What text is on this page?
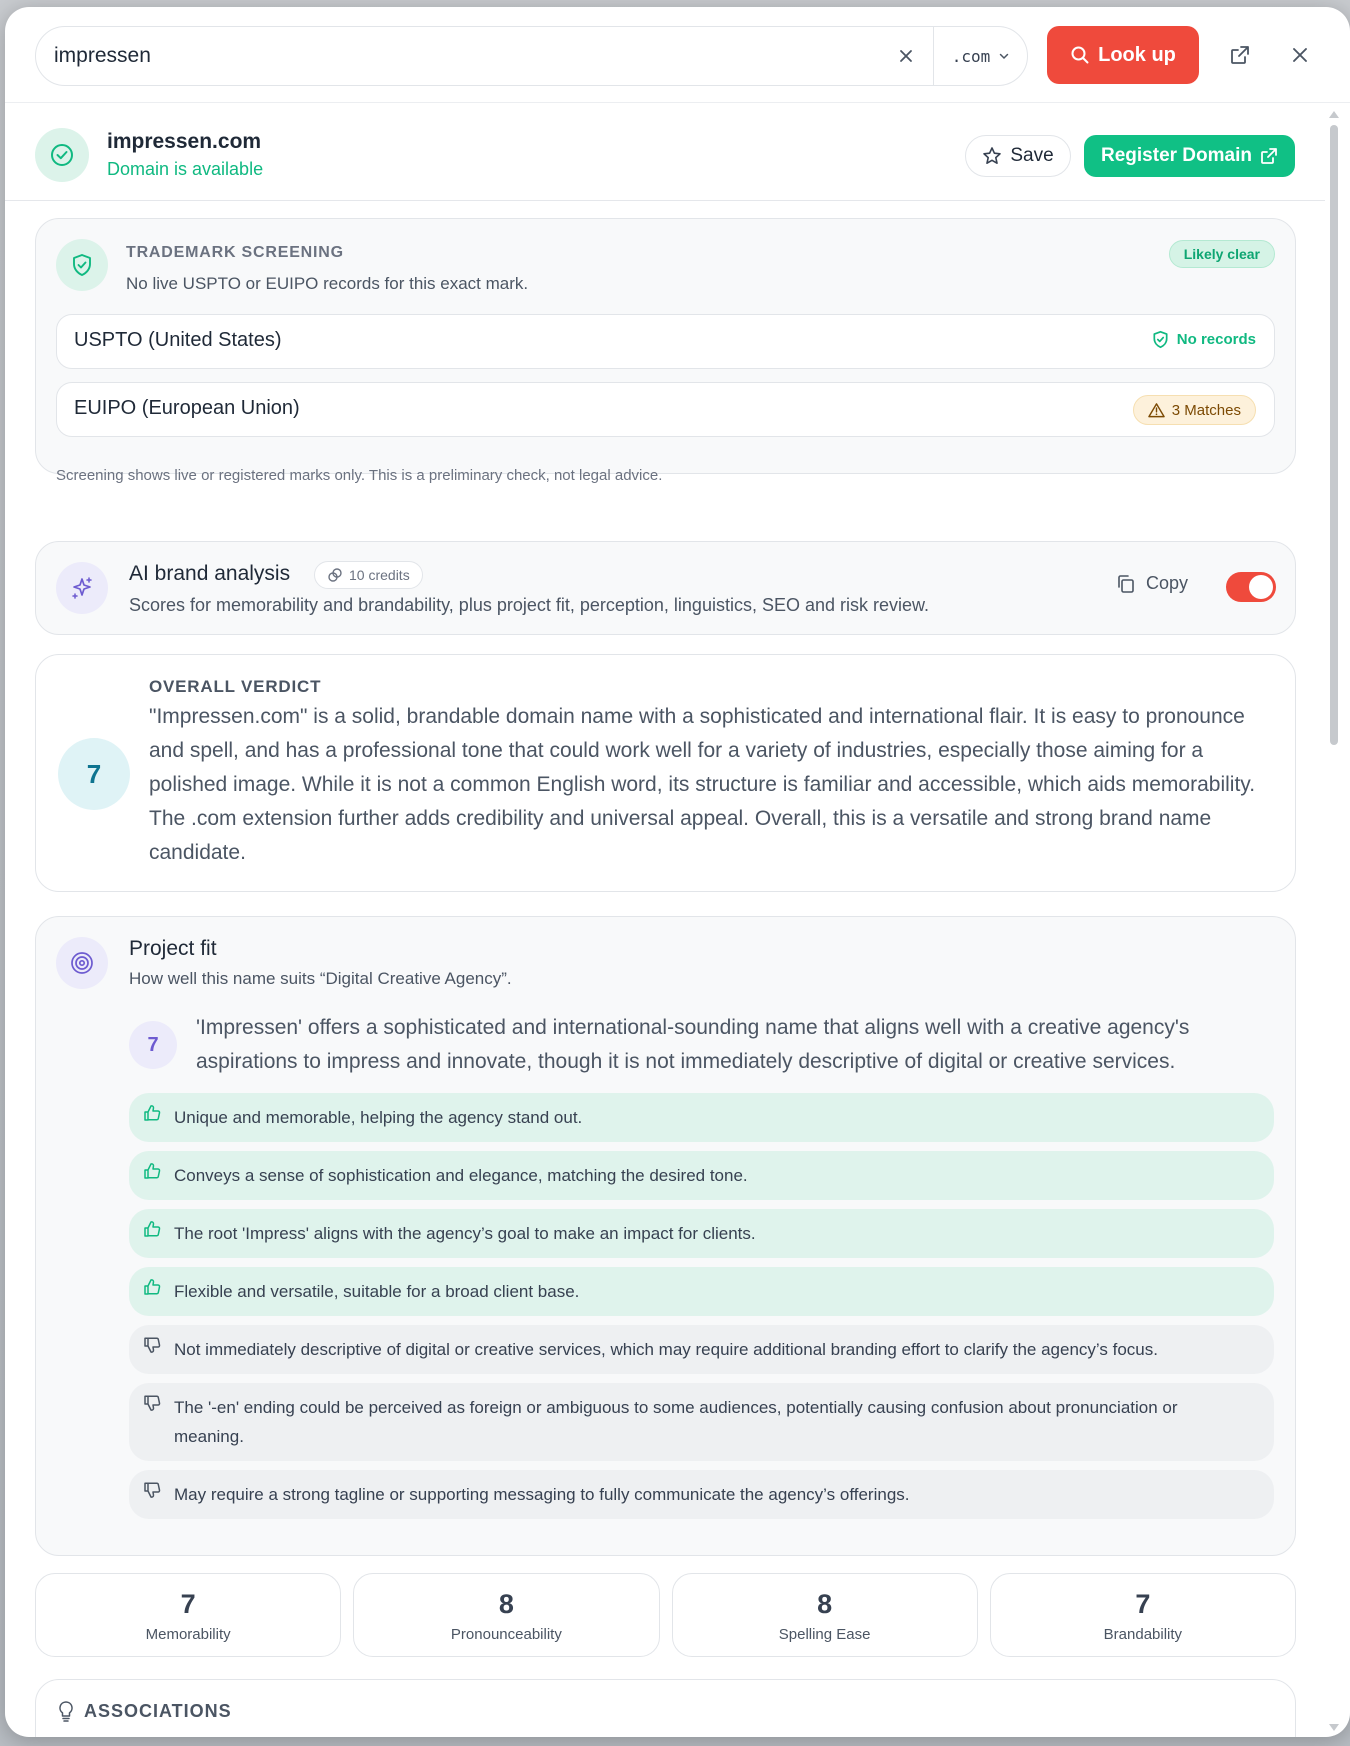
impressen
.com	Look up
impressen.com
Domain is available
Save Register Domain
TRADEMARK SCREENING
No live USPTO or EUIPO records for this exact mark.
Likely clear
USPTO (United States)	No records
EUIPO (European Union)	3 Matches
Screening shows live or registered marks only. This is a preliminary check, not legal advice.
AI brand analysis	10 credits
Scores for memorability and brandability, plus project fit, perception, linguistics, SEO and risk review.
Copy
7
OVERALL VERDICT
"Impressen.com" is a solid, brandable domain name with a sophisticated and international flair. It is easy to pronounce and spell, and has a professional tone that could work well for a variety of industries, especially those aiming for a polished image. While it is not a common English word, its structure is familiar and accessible, which aids memorability. The .com extension further adds credibility and universal appeal. Overall, this is a versatile and strong brand name candidate.
Project fit
How well this name suits “Digital Creative Agency”.
7
'Impressen' offers a sophisticated and international-sounding name that aligns well with a creative agency's aspirations to impress and innovate, though it is not immediately descriptive of digital or creative services.
Unique and memorable, helping the agency stand out.
Conveys a sense of sophistication and elegance, matching the desired tone.
The root 'Impress' aligns with the agency’s goal to make an impact for clients.
Flexible and versatile, suitable for a broad client base.
Not immediately descriptive of digital or creative services, which may require additional branding effort to clarify the agency’s focus.
The '-en' ending could be perceived as foreign or ambiguous to some audiences, potentially causing confusion about pronunciation or meaning.
May require a strong tagline or supporting messaging to fully communicate the agency’s offerings.
7
Memorability
8
Pronounceability
8
Spelling Ease
7
Brandability
ASSOCIATIONS
